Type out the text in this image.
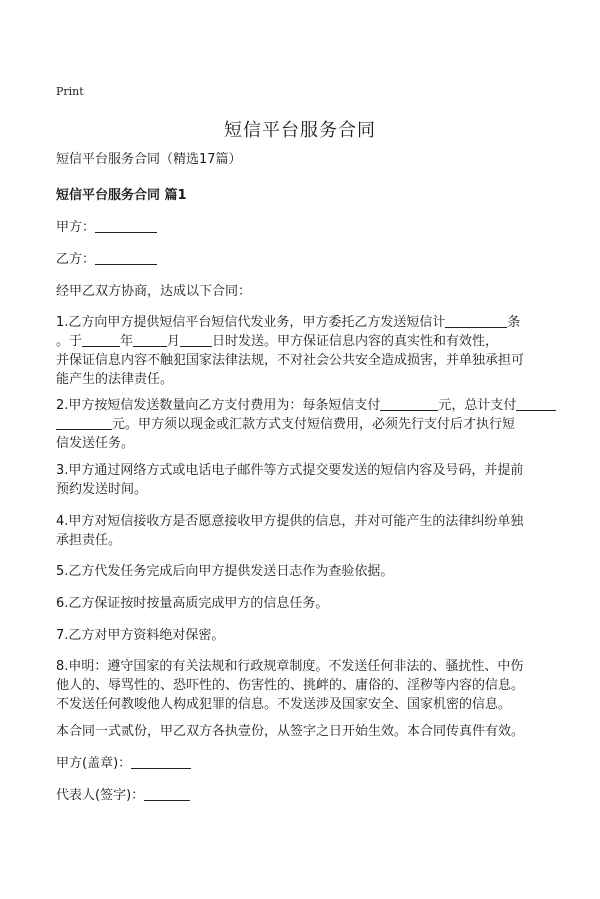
Print
短信平台服务合同
短信平台服务合同（精选17篇）
短信平台服务合同 篇1
甲方：
乙方：
经甲乙双方协商，达成以下合同：
1.乙方向甲方提供短信平台短信代发业务，甲方委托乙方发送短信计	条
。于	年	月 日时发送。甲方保证信息内容的真实性和有效性，
并保证信息内容不触犯国家法律法规，不对社会公共安全造成损害，并单独承担可
能产生的法律责任。
2.甲方按短信发送数量向乙方支付费用为：每条短信支付	元，总计支付
元。甲方须以现金或汇款方式支付短信费用，必须先行支付后才执行短
信发送任务。
3.甲方通过网络方式或电话电子邮件等方式提交要发送的短信内容及号码，并提前
预约发送时间。
4.甲方对短信接收方是否愿意接收甲方提供的信息，并对可能产生的法律纠纷单独
承担责任。
5.乙方代发任务完成后向甲方提供发送日志作为查验依据。
6.乙方保证按时按量高质完成甲方的信息任务。
7.乙方对甲方资料绝对保密。
8.申明：遵守国家的有关法规和行政规章制度。不发送任何非法的、骚扰性、中伤
他人的、辱骂性的、恐吓性的、伤害性的、挑衅的、庸俗的、淫秽等内容的信息。
不发送任何教唆他人构成犯罪的信息。不发送涉及国家安全、国家机密的信息。
本合同一式贰份，甲乙双方各执壹份，从签字之日开始生效。本合同传真件有效。
甲方(盖章)：
代表人(签字)：
